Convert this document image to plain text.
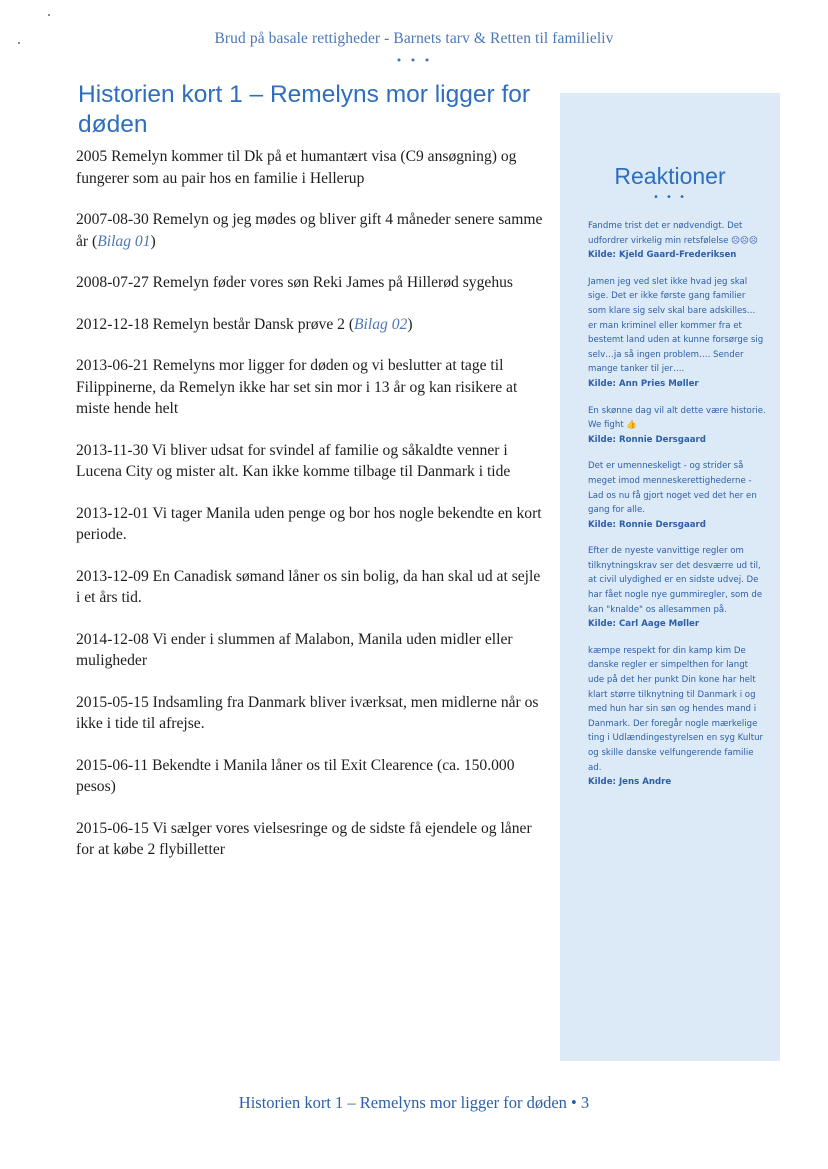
Brud på basale rettigheder - Barnets tarv & Retten til familieliv
• • •
Historien kort 1 – Remelyns mor ligger for døden

2005 Remelyn kommer til Dk på et humantært visa (C9 ansøgning) og fungerer som au pair hos en familie i Hellerup

2007-08-30 Remelyn og jeg mødes og bliver gift 4 måneder senere samme år (Bilag 01)

2008-07-27 Remelyn føder vores søn Reki James på Hillerød sygehus

2012-12-18 Remelyn består Dansk prøve 2 (Bilag 02)

2013-06-21 Remelyns mor ligger for døden og vi beslutter at tage til Filippinerne, da Remelyn ikke har set sin mor i 13 år og kan risikere at miste hende helt

2013-11-30 Vi bliver udsat for svindel af familie og såkaldte venner i Lucena City og mister alt. Kan ikke komme tilbage til Danmark i tide

2013-12-01 Vi tager Manila uden penge og bor hos nogle bekendte en kort periode.

2013-12-09 En Canadisk sømand låner os sin bolig, da han skal ud at sejle i et års tid.

2014-12-08 Vi ender i slummen af Malabon, Manila uden midler eller muligheder

2015-05-15 Indsamling fra Danmark bliver iværksat, men midlerne når os ikke i tide til afrejse.

2015-06-11 Bekendte i Manila låner os til Exit Clearence (ca. 150.000 pesos)

2015-06-15 Vi sælger vores vielsesringe og de sidste få ejendele og låner for at købe 2 flybilletter

Reaktioner
• • •
Fandme trist det er nødvendigt. Det udfordrer virkelig min retsfølelse ☹☹☹
Kilde: Kjeld Gaard-Frederiksen
Jamen jeg ved slet ikke hvad jeg skal sige. Det er ikke første gang familier som klare sig selv skal bare adskilles… er man kriminel eller kommer fra et bestemt land uden at kunne forsørge sig selv…ja så ingen problem…. Sender mange tanker til jer….
Kilde: Ann Pries Møller
En skønne dag vil alt dette være historie. We fight 👍
Kilde: Ronnie Dersgaard
Det er umenneskeligt - og strider så meget imod menneskerettighederne - Lad os nu få gjort noget ved det her en gang for alle.
Kilde: Ronnie Dersgaard
Efter de nyeste vanvittige regler om tilknytningskrav ser det desværre ud til, at civil ulydighed er en sidste udvej. De har fået nogle nye gummiregler, som de kan "knalde" os allesammen på.
Kilde: Carl Aage Møller
kæmpe respekt for din kamp kim De danske regler er simpelthen for langt ude på det her punkt Din kone har helt klart større tilknytning til Danmark i og med hun har sin søn og hendes mand i Danmark. Der foregår nogle mærkelige ting i Udlændingestyrelsen en syg Kultur og skille danske velfungerende familie ad.
Kilde: Jens Andre
Historien kort 1 – Remelyns mor ligger for døden • 3
